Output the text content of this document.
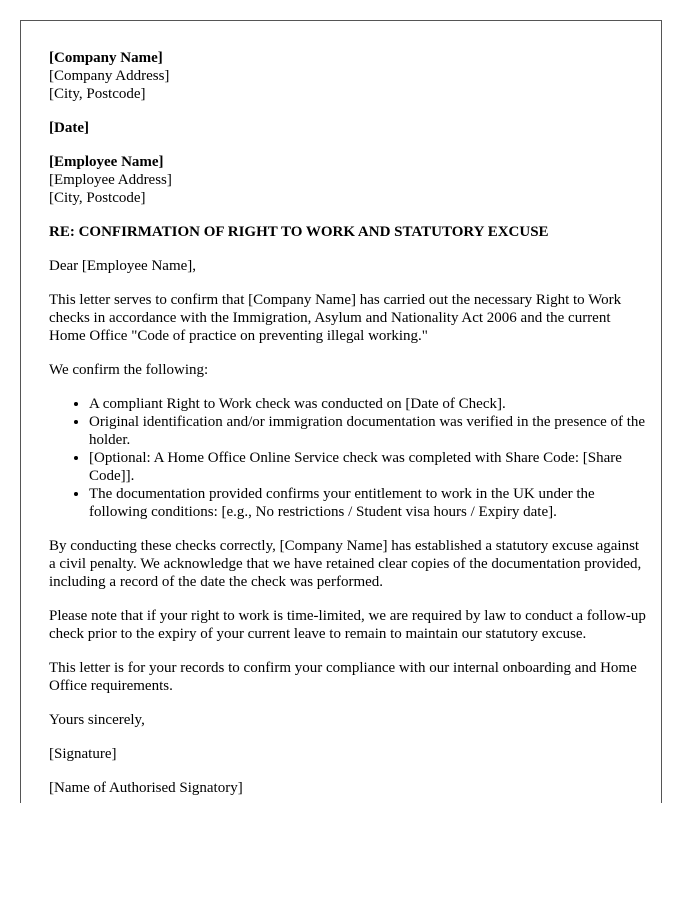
[Company Name]
[Company Address]
[City, Postcode]
[Date]
[Employee Name]
[Employee Address]
[City, Postcode]

RE: CONFIRMATION OF RIGHT TO WORK AND STATUTORY EXCUSE

Dear [Employee Name],

This letter serves to confirm that [Company Name] has carried out the necessary Right to Work checks in accordance with the Immigration, Asylum and Nationality Act 2006 and the current Home Office "Code of practice on preventing illegal working."

We confirm the following:

• A compliant Right to Work check was conducted on [Date of Check].
• Original identification and/or immigration documentation was verified in the presence of the holder.
• [Optional: A Home Office Online Service check was completed with Share Code: [Share Code]].
• The documentation provided confirms your entitlement to work in the UK under the following conditions: [e.g., No restrictions / Student visa hours / Expiry date].

By conducting these checks correctly, [Company Name] has established a statutory excuse against a civil penalty. We acknowledge that we have retained clear copies of the documentation provided, including a record of the date the check was performed.

Please note that if your right to work is time-limited, we are required by law to conduct a follow-up check prior to the expiry of your current leave to remain to maintain our statutory excuse.

This letter is for your records to confirm your compliance with our internal onboarding and Home Office requirements.

Yours sincerely,

[Signature]

[Name of Authorised Signatory]
